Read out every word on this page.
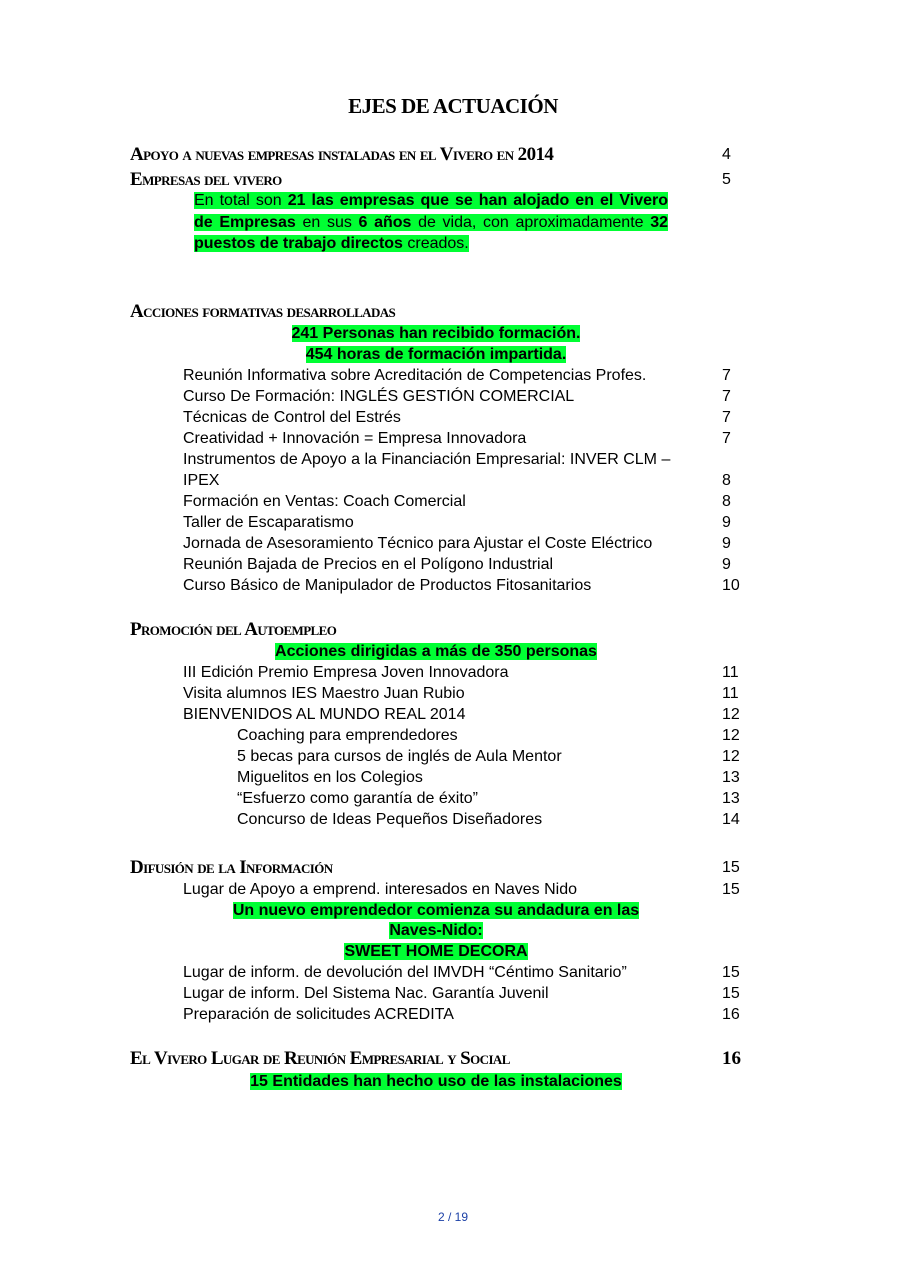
EJES DE ACTUACIÓN
Apoyo a nuevas empresas instaladas en el Vivero en 2014	4
Empresas del vivero	5
En total son 21 las empresas que se han alojado en el Vivero de Empresas en sus 6 años de vida, con aproximadamente 32 puestos de trabajo directos creados.
Acciones formativas desarrolladas
241 Personas han recibido formación.
454 horas de formación impartida.
Reunión Informativa sobre Acreditación de Competencias Profes.	7
Curso De Formación: INGLÉS GESTIÓN COMERCIAL	7
Técnicas de Control del Estrés	7
Creatividad + Innovación = Empresa Innovadora	7
Instrumentos de Apoyo a la Financiación Empresarial: INVER CLM –
IPEX	8
Formación en Ventas: Coach Comercial	8
Taller de Escaparatismo	9
Jornada de Asesoramiento Técnico para Ajustar el Coste Eléctrico	9
Reunión Bajada de Precios en el Polígono Industrial	9
Curso Básico de Manipulador de Productos Fitosanitarios	10
Promoción del Autoempleo
Acciones dirigidas a más de 350 personas
III Edición Premio Empresa Joven Innovadora	11
Visita alumnos IES Maestro Juan Rubio	11
BIENVENIDOS AL MUNDO REAL 2014	12
Coaching para emprendedores	12
5 becas para cursos de inglés de Aula Mentor	12
Miguelitos en los Colegios	13
“Esfuerzo como garantía de éxito”	13
Concurso de Ideas Pequeños Diseñadores	14
Difusión de la Información	15
Lugar de Apoyo a emprend. interesados en Naves Nido	15
Un nuevo emprendedor comienza su andadura en las
Naves-Nido:
SWEET HOME DECORA
Lugar de inform. de devolución del IMVDH “Céntimo Sanitario”	15
Lugar de inform. Del Sistema Nac. Garantía Juvenil	15
Preparación de solicitudes ACREDITA	16
El Vivero Lugar de Reunión Empresarial y Social	16
15 Entidades han hecho uso de las instalaciones
2 / 19
